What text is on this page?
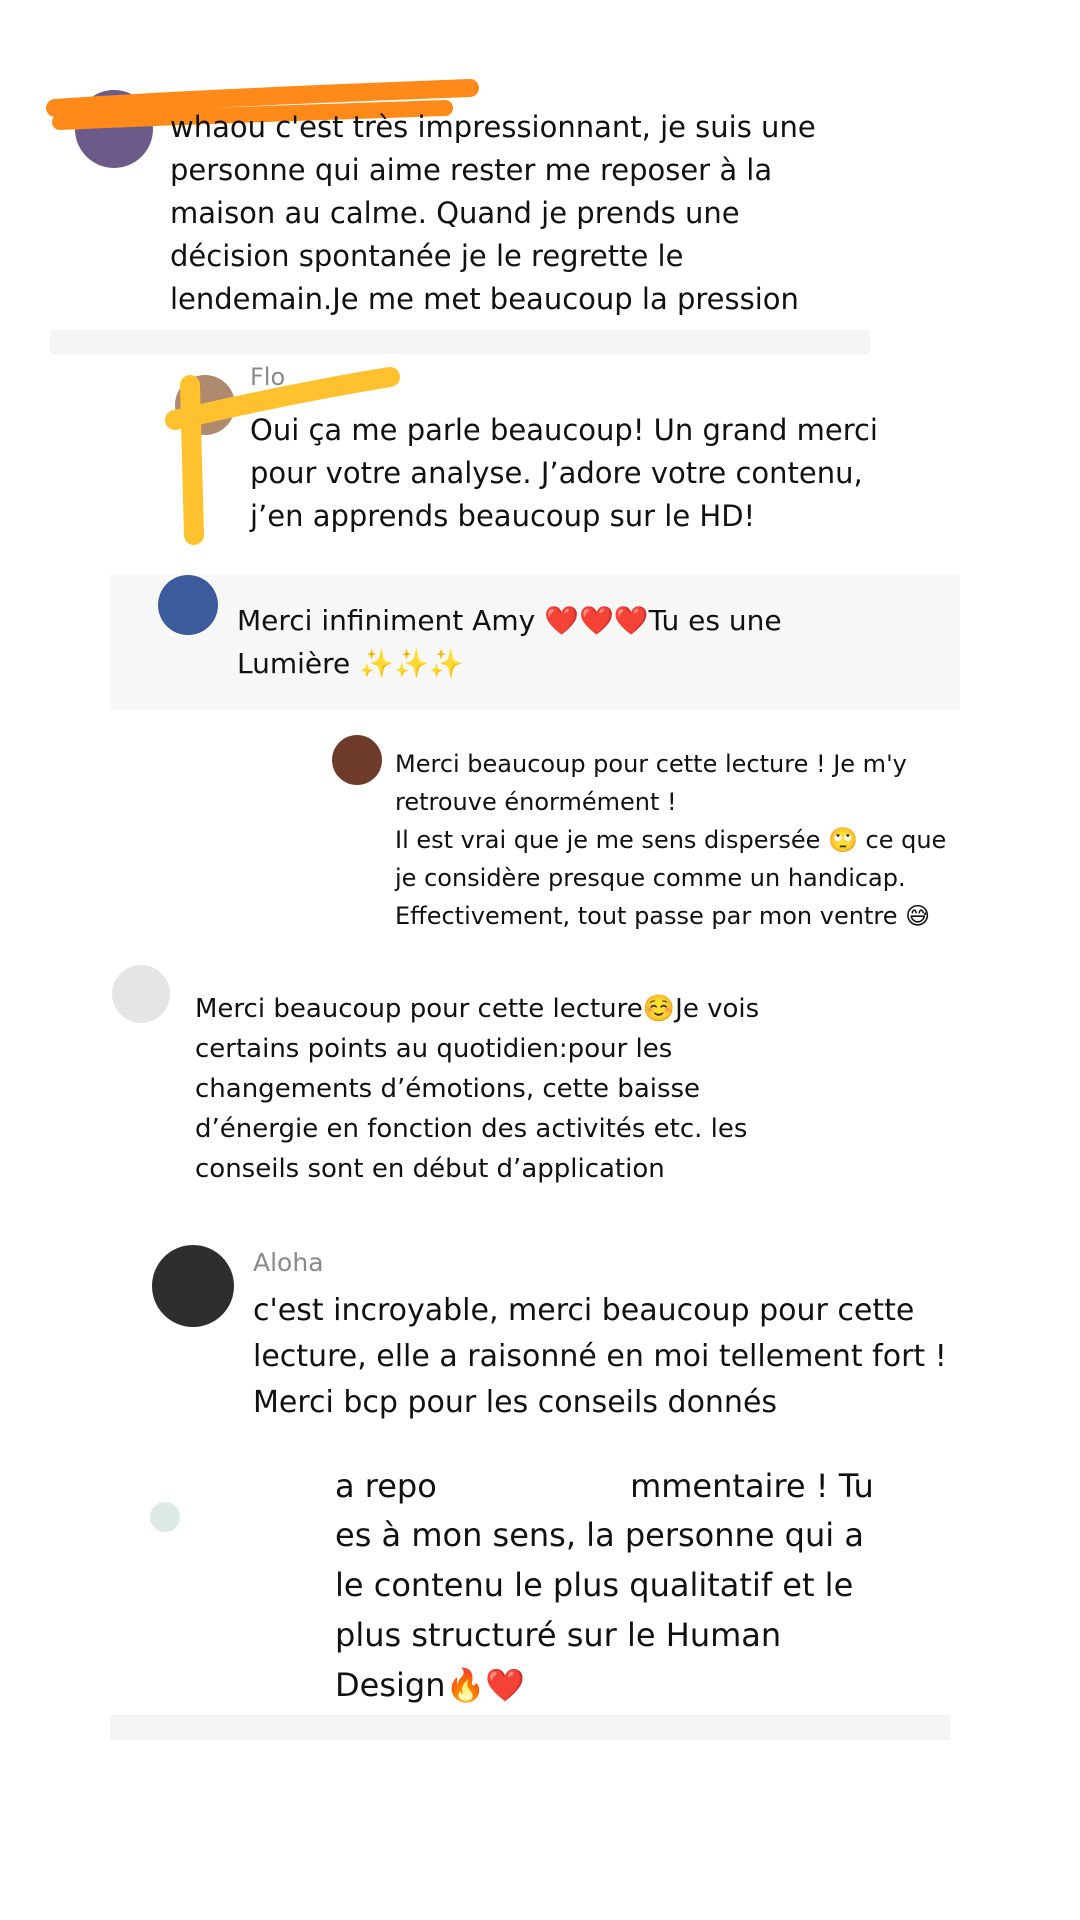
whaou c'est très impressionnant, je suis une
personne qui aime rester me reposer à la
maison au calme. Quand je prends une
décision spontanée je le regrette le
lendemain.Je me met beaucoup la pression

Flo

Oui ça me parle beaucoup! Un grand merci
pour votre analyse. J’adore votre contenu,
j’en apprends beaucoup sur le HD!

Merci infiniment Amy ❤️❤️❤️Tu es une
Lumière ✨✨✨

Merci beaucoup pour cette lecture ! Je m'y
retrouve énormément !
Il est vrai que je me sens dispersée 🙄 ce que
je considère presque comme un handicap.
Effectivement, tout passe par mon ventre 😅

Merci beaucoup pour cette lecture☺️Je vois
certains points au quotidien:pour les
changements d’émotions, cette baisse
d’énergie en fonction des activités etc. les
conseils sont en début d’application

Aloha

c'est incroyable, merci beaucoup pour cette
lecture, elle a raisonné en moi tellement fort !
Merci bcp pour les conseils donnés

a repo                   mmentaire ! Tu

es à mon sens, la personne qui a
le contenu le plus qualitatif et le
plus structuré sur le Human
Design🔥❤️
